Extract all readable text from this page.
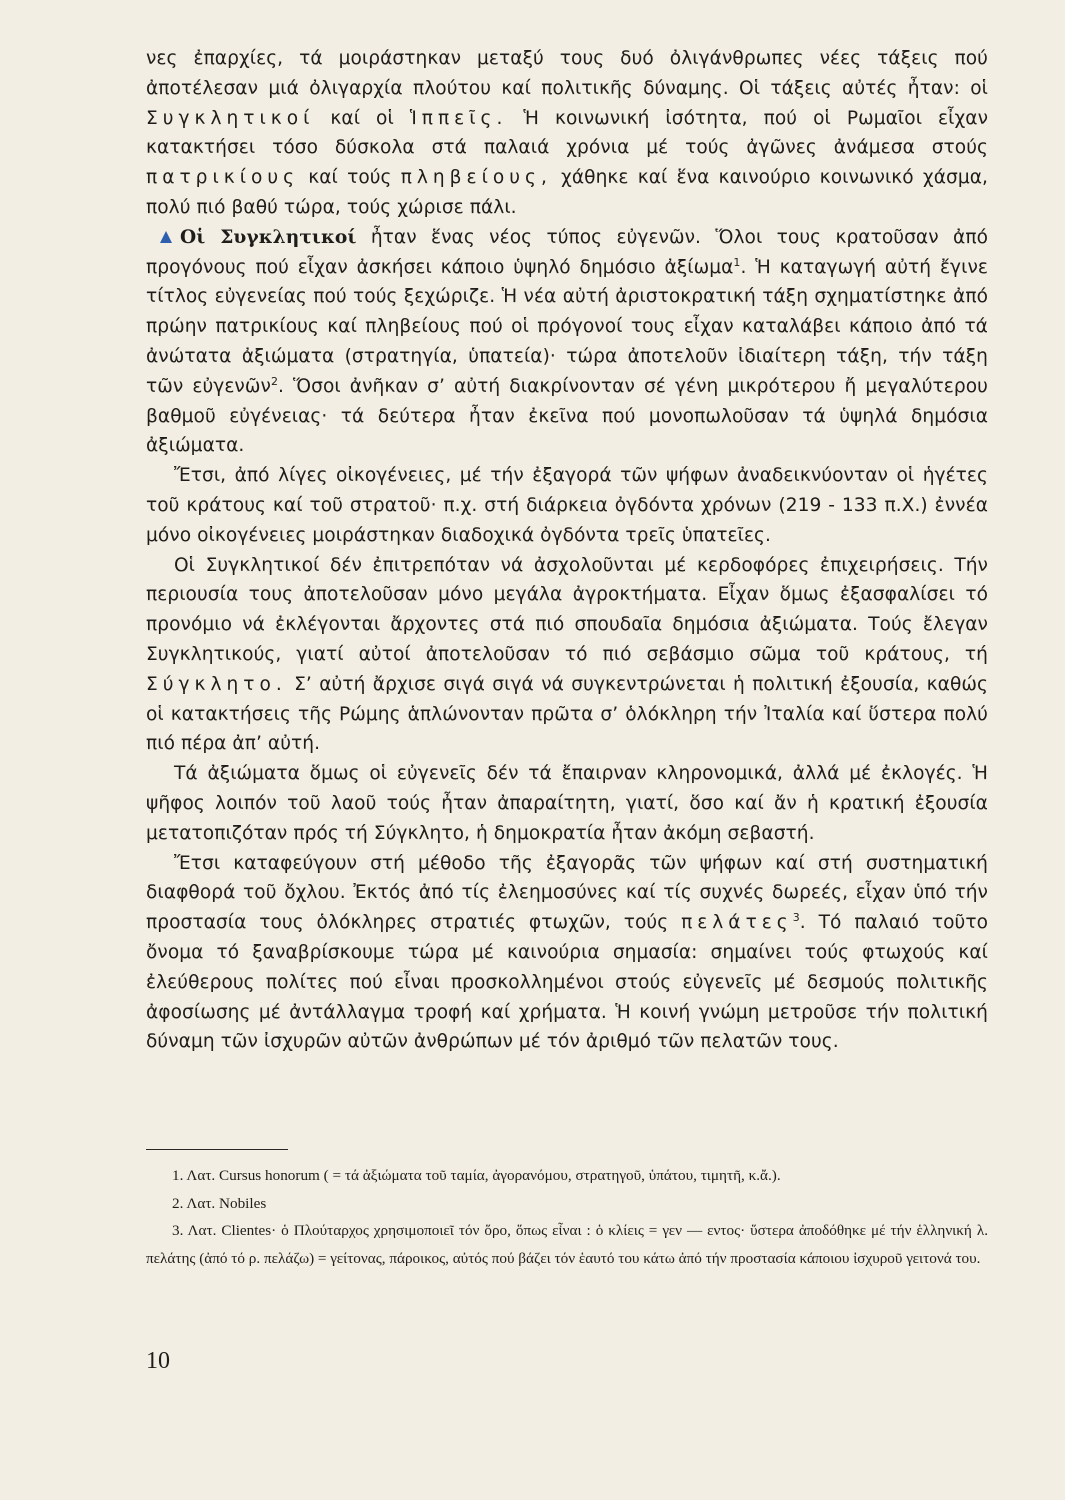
νες ἐπαρχίες, τά μοιράστηκαν μεταξύ τους δυό ὀλιγάνθρωπες νέες τάξεις πού ἀποτέλεσαν μιά ὀλιγαρχία πλούτου καί πολιτικῆς δύναμης. Οἱ τάξεις αὐτές ἦταν: οἱ Συγκλητικοί καί οἱ Ἱππεῖς. Ἡ κοινωνική ἰσότητα, πού οἱ Ρωμαῖοι εἶχαν κατακτήσει τόσο δύσκολα στά παλαιά χρόνια μέ τούς ἀγῶνες ἀνάμεσα στούς πατρικίους καί τούς πληβείους, χάθηκε καί ἕνα καινούριο κοινωνικό χάσμα, πολύ πιό βαθύ τώρα, τούς χώρισε πάλι.

Οἱ Συγκλητικοί ἦταν ἕνας νέος τύπος εὐγενῶν. Ὅλοι τους κρατοῦσαν ἀπό προγόνους πού εἶχαν ἀσκήσει κάποιο ὑψηλό δημόσιο ἀξίωμα$^1$. Ἡ καταγωγή αὐτή ἔγινε τίτλος εὐγενείας πού τούς ξεχώριζε. Ἡ νέα αὐτή ἀριστοκρατική τάξη σχηματίστηκε ἀπό πρώην πατρικίους καί πληβείους πού οἱ πρόγονοί τους εἶχαν καταλάβει κάποιο ἀπό τά ἀνώτατα ἀξιώματα (στρατηγία, ὑπατεία)· τώρα ἀποτελοῦν ἰδιαίτερη τάξη, τήν τάξη τῶν εὐγενῶν$^2$. Ὅσοι ἀνῆκαν σ’ αὐτή διακρίνονταν σέ γένη μικρότερου ἤ μεγαλύτερου βαθμοῦ εὐγένειας· τά δεύτερα ἦταν ἐκεῖνα πού μονοπωλοῦσαν τά ὑψηλά δημόσια ἀξιώματα.

Ἔτσι, ἀπό λίγες οἰκογένειες, μέ τήν ἐξαγορά τῶν ψήφων ἀναδεικνύονταν οἱ ἡγέτες τοῦ κράτους καί τοῦ στρατοῦ· π.χ. στή διάρκεια ὀγδόντα χρόνων (219 - 133 π.Χ.) ἐννέα μόνο οἰκογένειες μοιράστηκαν διαδοχικά ὀγδόντα τρεῖς ὑπατεῖες.

Οἱ Συγκλητικοί δέν ἐπιτρεπόταν νά ἀσχολοῦνται μέ κερδοφόρες ἐπιχειρήσεις. Τήν περιουσία τους ἀποτελοῦσαν μόνο μεγάλα ἀγροκτήματα. Εἶχαν ὅμως ἐξασφαλίσει τό προνόμιο νά ἐκλέγονται ἄρχοντες στά πιό σπουδαῖα δημόσια ἀξιώματα. Τούς ἔλεγαν Συγκλητικούς, γιατί αὐτοί ἀποτελοῦσαν τό πιό σεβάσμιο σῶμα τοῦ κράτους, τή Σύγκλητο. Σ’ αὐτή ἄρχισε σιγά σιγά νά συγκεντρώνεται ἡ πολιτική ἐξουσία, καθώς οἱ κατακτήσεις τῆς Ρώμης ἁπλώνονταν πρῶτα σ’ ὁλόκληρη τήν Ἰταλία καί ὕστερα πολύ πιό πέρα ἀπ’ αὐτή.

Τά ἀξιώματα ὅμως οἱ εὐγενεῖς δέν τά ἔπαιρναν κληρονομικά, ἀλλά μέ ἐκλογές. Ἡ ψῆφος λοιπόν τοῦ λαοῦ τούς ἦταν ἀπαραίτητη, γιατί, ὅσο καί ἄν ἡ κρατική ἐξουσία μετατοπιζόταν πρός τή Σύγκλητο, ἡ δημοκρατία ἦταν ἀκόμη σεβαστή.

Ἔτσι καταφεύγουν στή μέθοδο τῆς ἐξαγορᾶς τῶν ψήφων καί στή συστηματική διαφθορά τοῦ ὄχλου. Ἐκτός ἀπό τίς ἐλεημοσύνες καί τίς συχνές δωρεές, εἶχαν ὑπό τήν προστασία τους ὁλόκληρες στρατιές φτωχῶν, τούς πελάτες$^3$. Τό παλαιό τοῦτο ὄνομα τό ξαναβρίσκουμε τώρα μέ καινούρια σημασία: σημαίνει τούς φτωχούς καί ἐλεύθερους πολίτες πού εἶναι προσκολλημένοι στούς εὐγενεῖς μέ δεσμούς πολιτικῆς ἀφοσίωσης μέ ἀντάλλαγμα τροφή καί χρήματα. Ἡ κοινή γνώμη μετροῦσε τήν πολιτική δύναμη τῶν ἰσχυρῶν αὐτῶν ἀνθρώπων μέ τόν ἀριθμό τῶν πελατῶν τους.

1. Λατ. Cursus honorum ( = τά ἀξιώματα τοῦ ταμία, ἀγορανόμου, στρατηγοῦ, ὑπάτου, τιμητῆ, κ.ἄ.).

2. Λατ. Nobiles

3. Λατ. Clientes· ὁ Πλούταρχος χρησιμοποιεῖ τόν ὅρο, ὅπως εἶναι : ὁ κλίεις = γεν — εντος· ὕστερα ἀποδόθηκε μέ τήν ἑλληνική λ. πελάτης (ἀπό τό ρ. πελάζω) = γείτονας, πάροικος, αὐτός πού βάζει τόν ἑαυτό του κάτω ἀπό τήν προστασία κάποιου ἰσχυροῦ γειτονά του.

10
